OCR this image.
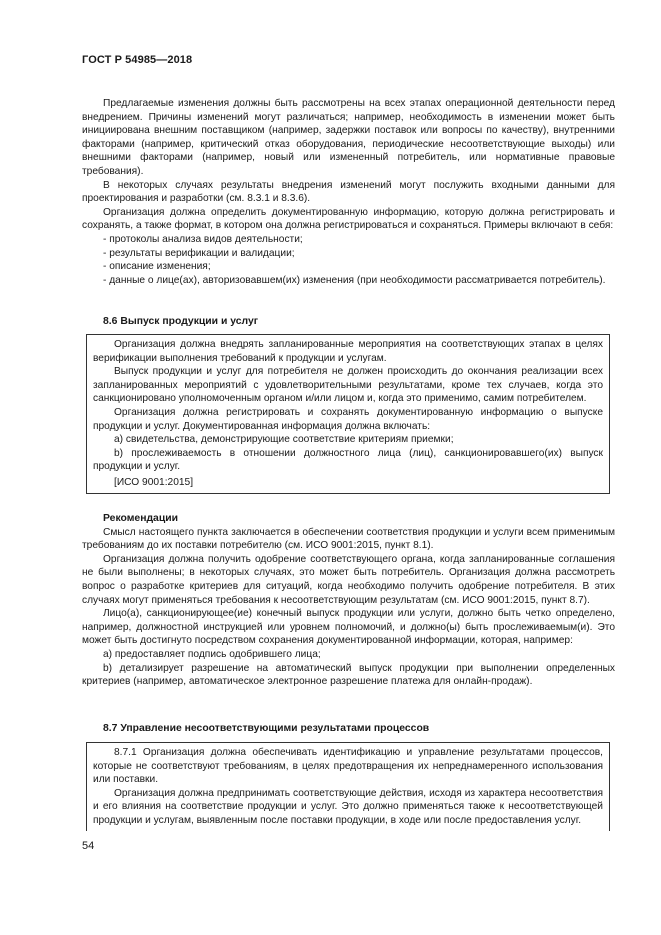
ГОСТ Р 54985—2018

Предлагаемые изменения должны быть рассмотрены на всех этапах операционной деятельности перед внедрением. Причины изменений могут различаться; например, необходимость в изменении может быть инициирована внешним поставщиком (например, задержки поставок или вопросы по качеству), внутренними факторами (например, критический отказ оборудования, периодические несоответствующие выходы) или внешними факторами (например, новый или измененный потребитель, или нормативные правовые требования).

В некоторых случаях результаты внедрения изменений могут послужить входными данными для проектирования и разработки (см. 8.3.1 и 8.3.6).

Организация должна определить документированную информацию, которую должна регистрировать и сохранять, а также формат, в котором она должна регистрироваться и сохраняться. Примеры включают в себя:

- протоколы анализа видов деятельности;

- результаты верификации и валидации;

- описание изменения;

- данные о лице(ах), авторизовавшем(их) изменения (при необходимости рассматривается потребитель).

8.6 Выпуск продукции и услуг

Организация должна внедрять запланированные мероприятия на соответствующих этапах в целях верификации выполнения требований к продукции и услугам.

Выпуск продукции и услуг для потребителя не должен происходить до окончания реализации всех запланированных мероприятий с удовлетворительными результатами, кроме тех случаев, когда это санкционировано уполномоченным органом и/или лицом и, когда это применимо, самим потребителем.

Организация должна регистрировать и сохранять документированную информацию о выпуске продукции и услуг. Документированная информация должна включать:

a) свидетельства, демонстрирующие соответствие критериям приемки;

b) прослеживаемость в отношении должностного лица (лиц), санкционировавшего(их) выпуск продукции и услуг.

[ИСО 9001:2015]

Рекомендации

Смысл настоящего пункта заключается в обеспечении соответствия продукции и услуги всем применимым требованиям до их поставки потребителю (см. ИСО 9001:2015, пункт 8.1).

Организация должна получить одобрение соответствующего органа, когда запланированные соглашения не были выполнены; в некоторых случаях, это может быть потребитель. Организация должна рассмотреть вопрос о разработке критериев для ситуаций, когда необходимо получить одобрение потребителя. В этих случаях могут применяться требования к несоответствующим результатам (см. ИСО 9001:2015, пункт 8.7).

Лицо(а), санкционирующее(ие) конечный выпуск продукции или услуги, должно быть четко определено, например, должностной инструкцией или уровнем полномочий, и должно(ы) быть прослеживаемым(и). Это может быть достигнуто посредством сохранения документированной информации, которая, например:

a) предоставляет подпись одобрившего лица;

b) детализирует разрешение на автоматический выпуск продукции при выполнении определенных критериев (например, автоматическое электронное разрешение платежа для онлайн-продаж).

8.7 Управление несоответствующими результатами процессов

8.7.1 Организация должна обеспечивать идентификацию и управление результатами процессов, которые не соответствуют требованиям, в целях предотвращения их непреднамеренного использования или поставки.

Организация должна предпринимать соответствующие действия, исходя из характера несоответствия и его влияния на соответствие продукции и услуг. Это должно применяться также к несоответствующей продукции и услугам, выявленным после поставки продукции, в ходе или после предоставления услуг.

54
